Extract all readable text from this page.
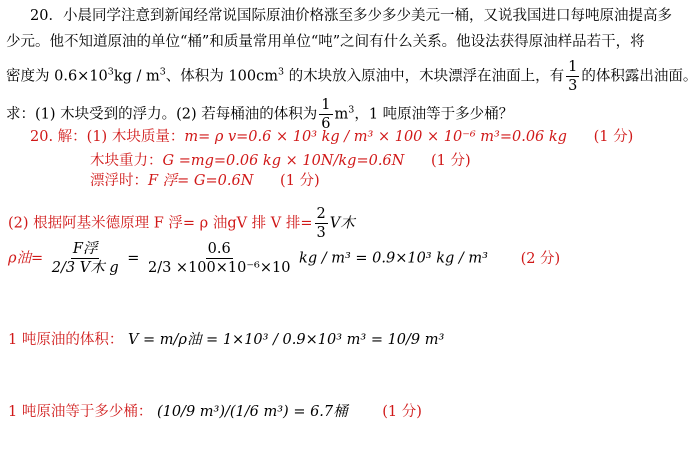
20．小晨同学注意到新闻经常说国际原油价格涨至多少多少美元一桶，又说我国进口每吨原油提高多
少元。他不知道原油的单位“桶”和质量常用单位“吨”之间有什么关系。他设法获得原油样品若干，将
密度为 $0.6\times 10^3kg / m^3$、体积为 $100cm^3$ 的木块放入原油中，木块漂浮在油面上，有 $\frac{1}{3}$ 的体积露出油面。
求：(1) 木块受到的浮力。(2) 若每桶油的体积为 $\frac{1}{6} m^3$，1 吨原油等于多少桶？
20. 解：(1) 木块质量：m= ρ v=0.6 × 10³ kg / m³ × 100 × 10⁻⁶ m³=0.06 kg (1 分)
木块重力：G =mg=0.06 kg × 10N/kg=0.6N (1 分)
漂浮时：F 浮= G=0.6N (1 分)
(2) 根据阿基米德原理 F 浮= ρ 油gV 排 V 排= $\frac{2}{3}$ V木
ρ油= $\frac{\text{F浮}}{\text{2/3 V木 g}} = \frac{0.6}{\text{2/3 ×100×10⁻⁶×10}}$ kg / m³ = 0.9×10³ kg / m³ (2 分)
1 吨原油的体积： V = m/ρ油 = 1×10³ / 0.9×10³ m³ = 10/9 m³
1 吨原油等于多少桶： (10/9 m³)/(1/6 m³) = 6.7桶 (1 分)
